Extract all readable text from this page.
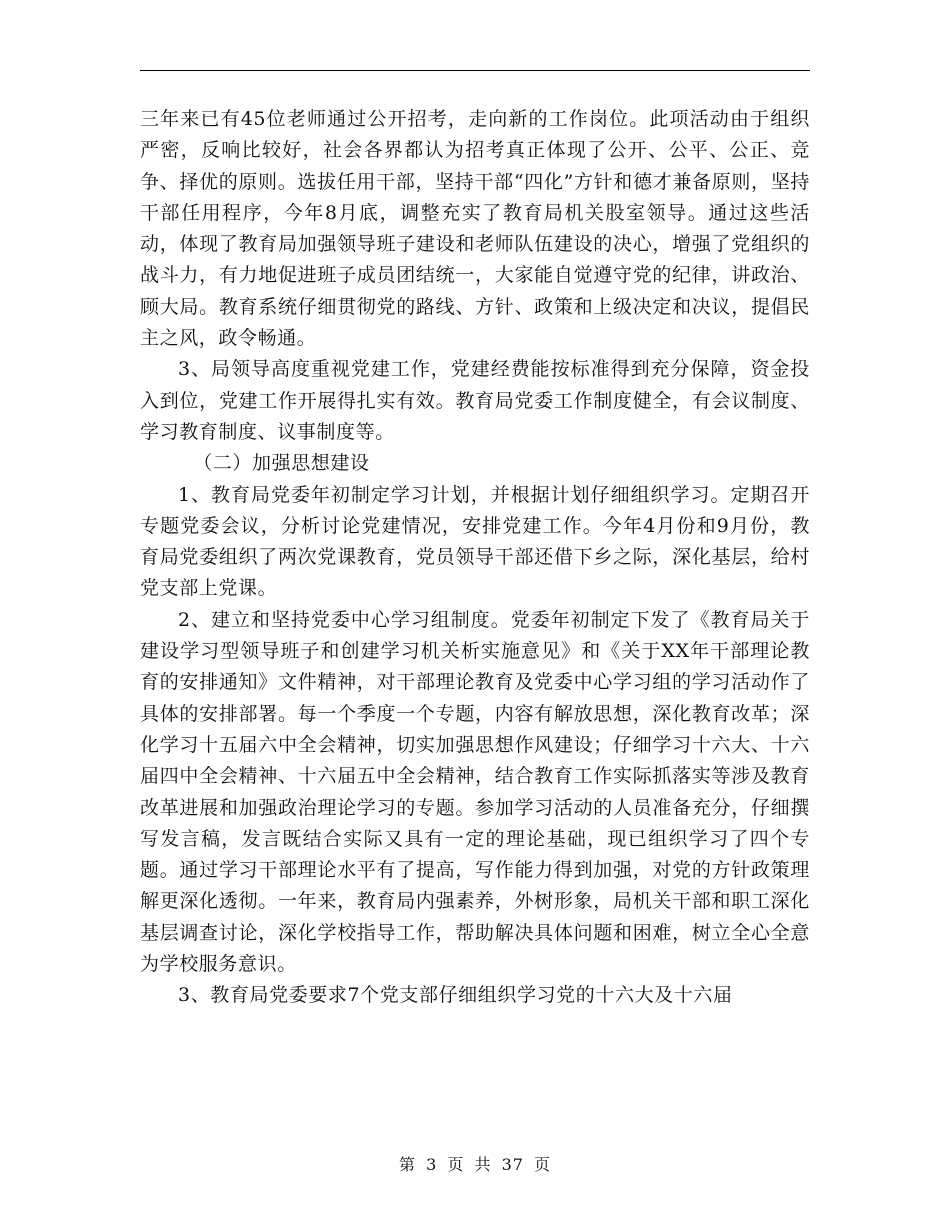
三年来已有45位老师通过公开招考，走向新的工作岗位。此项活动由于组织严密，反响比较好，社会各界都认为招考真正体现了公开、公平、公正、竞争、择优的原则。选拔任用干部，坚持干部“四化”方针和德才兼备原则，坚持干部任用程序，今年8月底，调整充实了教育局机关股室领导。通过这些活动，体现了教育局加强领导班子建设和老师队伍建设的决心，增强了党组织的战斗力，有力地促进班子成员团结统一，大家能自觉遵守党的纪律，讲政治、顾大局。教育系统仔细贯彻党的路线、方针、政策和上级决定和决议，提倡民主之风，政令畅通。

3、局领导高度重视党建工作，党建经费能按标准得到充分保障，资金投入到位，党建工作开展得扎实有效。教育局党委工作制度健全，有会议制度、学习教育制度、议事制度等。

（二）加强思想建设

1、教育局党委年初制定学习计划，并根据计划仔细组织学习。定期召开专题党委会议，分析讨论党建情况，安排党建工作。今年4月份和9月份，教育局党委组织了两次党课教育，党员领导干部还借下乡之际，深化基层，给村党支部上党课。

2、建立和坚持党委中心学习组制度。党委年初制定下发了《教育局关于建设学习型领导班子和创建学习机关析实施意见》和《关于XX年干部理论教育的安排通知》文件精神，对干部理论教育及党委中心学习组的学习活动作了具体的安排部署。每一个季度一个专题，内容有解放思想，深化教育改革；深化学习十五届六中全会精神，切实加强思想作风建设；仔细学习十六大、十六届四中全会精神、十六届五中全会精神，结合教育工作实际抓落实等涉及教育改革进展和加强政治理论学习的专题。参加学习活动的人员准备充分，仔细撰写发言稿，发言既结合实际又具有一定的理论基础，现已组织学习了四个专题。通过学习干部理论水平有了提高，写作能力得到加强，对党的方针政策理解更深化透彻。一年来，教育局内强素养，外树形象，局机关干部和职工深化基层调查讨论，深化学校指导工作，帮助解决具体问题和困难，树立全心全意为学校服务意识。

3、教育局党委要求7个党支部仔细组织学习党的十六大及十六届

第 3 页 共 37 页
